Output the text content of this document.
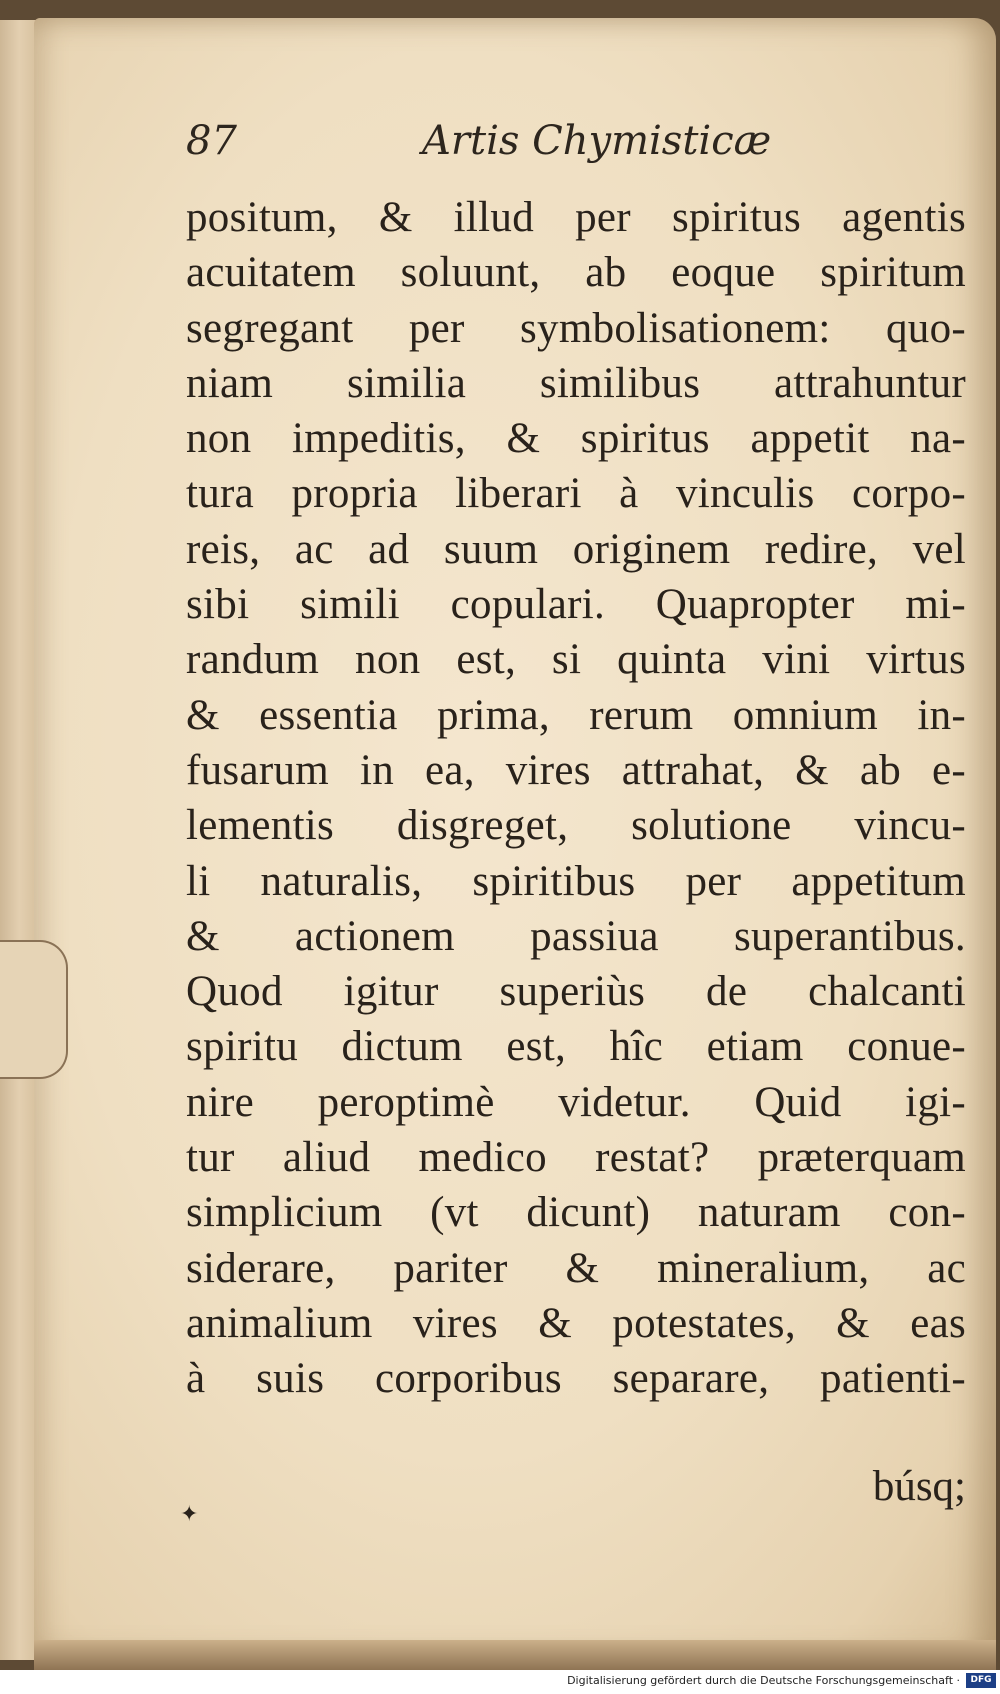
87	Artis Chymisticæ
positum, & illud per spiritus agentis
acuitatem soluunt, ab eoque spiritum
segregant per symbolisationem: quo-
niam similia similibus attrahuntur
non impeditis, & spiritus appetit na-
tura propria liberari à vinculis corpo-
reis, ac ad suum originem redire, vel
sibi simili copulari. Quapropter mi-
randum non est, si quinta vini virtus
& essentia prima, rerum omnium in-
fusarum in ea, vires attrahat, & ab e-
lementis disgreget, solutione vincu-
li naturalis, spiritibus per appetitum
& actionem passiua superantibus.
Quod igitur superiùs de chalcanti
spiritu dictum est, hîc etiam conue-
nire peroptimè videtur. Quid igi-
tur aliud medico restat? præterquam
simplicium (vt dicunt) naturam con-
siderare, pariter & mineralium, ac
animalium vires & potestates, & eas
à suis corporibus separare, patienti-
✦
búsq;
Digitalisierung gefördert durch die Deutsche Forschungsgemeinschaft ·	DFG
